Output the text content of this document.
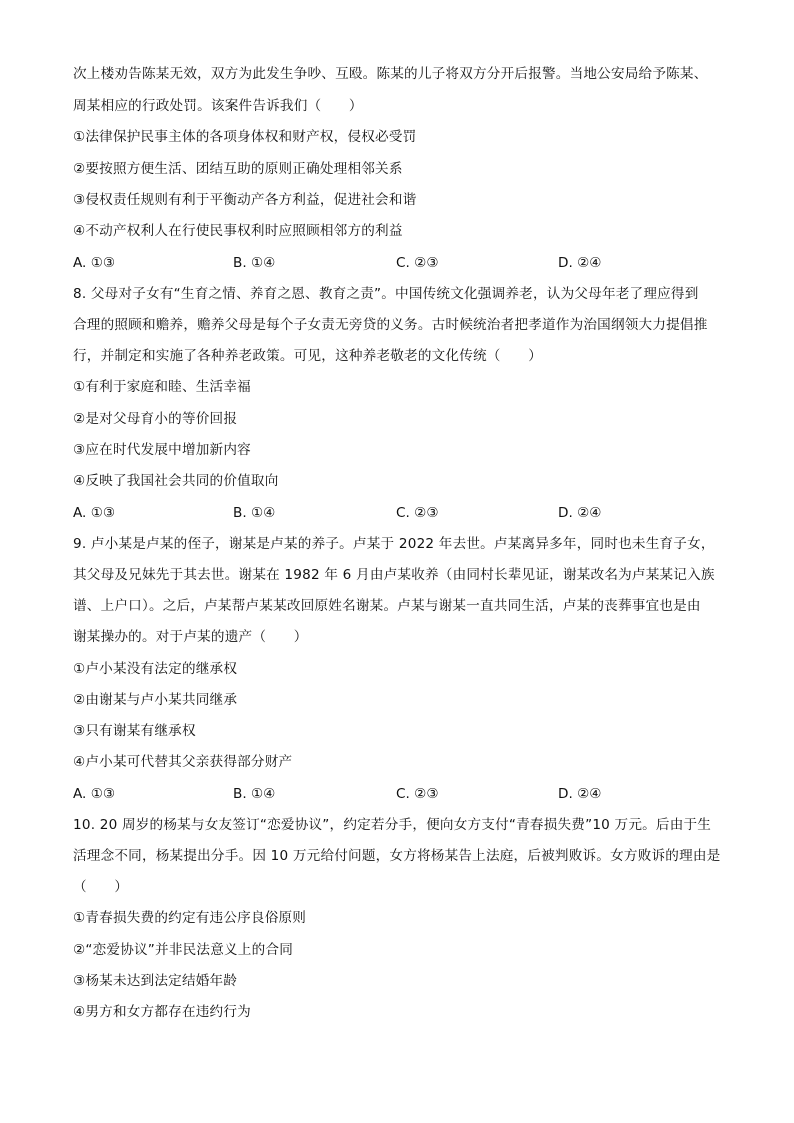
次上楼劝告陈某无效，双方为此发生争吵、互殴。陈某的儿子将双方分开后报警。当地公安局给予陈某、
周某相应的行政处罚。该案件告诉我们（　　）
①法律保护民事主体的各项身体权和财产权，侵权必受罚
②要按照方便生活、团结互助的原则正确处理相邻关系
③侵权责任规则有利于平衡动产各方利益，促进社会和谐
④不动产权利人在行使民事权利时应照顾相邻方的利益
8. 父母对子女有“生育之情、养育之恩、教育之责”。中国传统文化强调养老，认为父母年老了理应得到
合理的照顾和赡养，赡养父母是每个子女责无旁贷的义务。古时候统治者把孝道作为治国纲领大力提倡推
行，并制定和实施了各种养老政策。可见，这种养老敬老的文化传统（　　）
①有利于家庭和睦、生活幸福
②是对父母育小的等价回报
③应在时代发展中增加新内容
④反映了我国社会共同的价值取向
9. 卢小某是卢某的侄子，谢某是卢某的养子。卢某于 2022 年去世。卢某离异多年，同时也未生育子女，
其父母及兄妹先于其去世。谢某在 1982 年 6 月由卢某收养（由同村长辈见证，谢某改名为卢某某记入族
谱、上户口）。之后，卢某帮卢某某改回原姓名谢某。卢某与谢某一直共同生活，卢某的丧葬事宜也是由
谢某操办的。对于卢某的遗产（　　）
①卢小某没有法定的继承权
②由谢某与卢小某共同继承
③只有谢某有继承权
④卢小某可代替其父亲获得部分财产
10. 20 周岁的杨某与女友签订“恋爱协议”，约定若分手，便向女方支付“青春损失费”10 万元。后由于生
活理念不同，杨某提出分手。因 10 万元给付问题，女方将杨某告上法庭，后被判败诉。女方败诉的理由是
（　　）
①青春损失费的约定有违公序良俗原则
②“恋爱协议”并非民法意义上的合同
③杨某未达到法定结婚年龄
④男方和女方都存在违约行为
A. ①③	B. ①④	C. ②③	D. ②④
A. ①③	B. ①④	C. ②③	D. ②④
A. ①③	B. ①④	C. ②③	D. ②④
